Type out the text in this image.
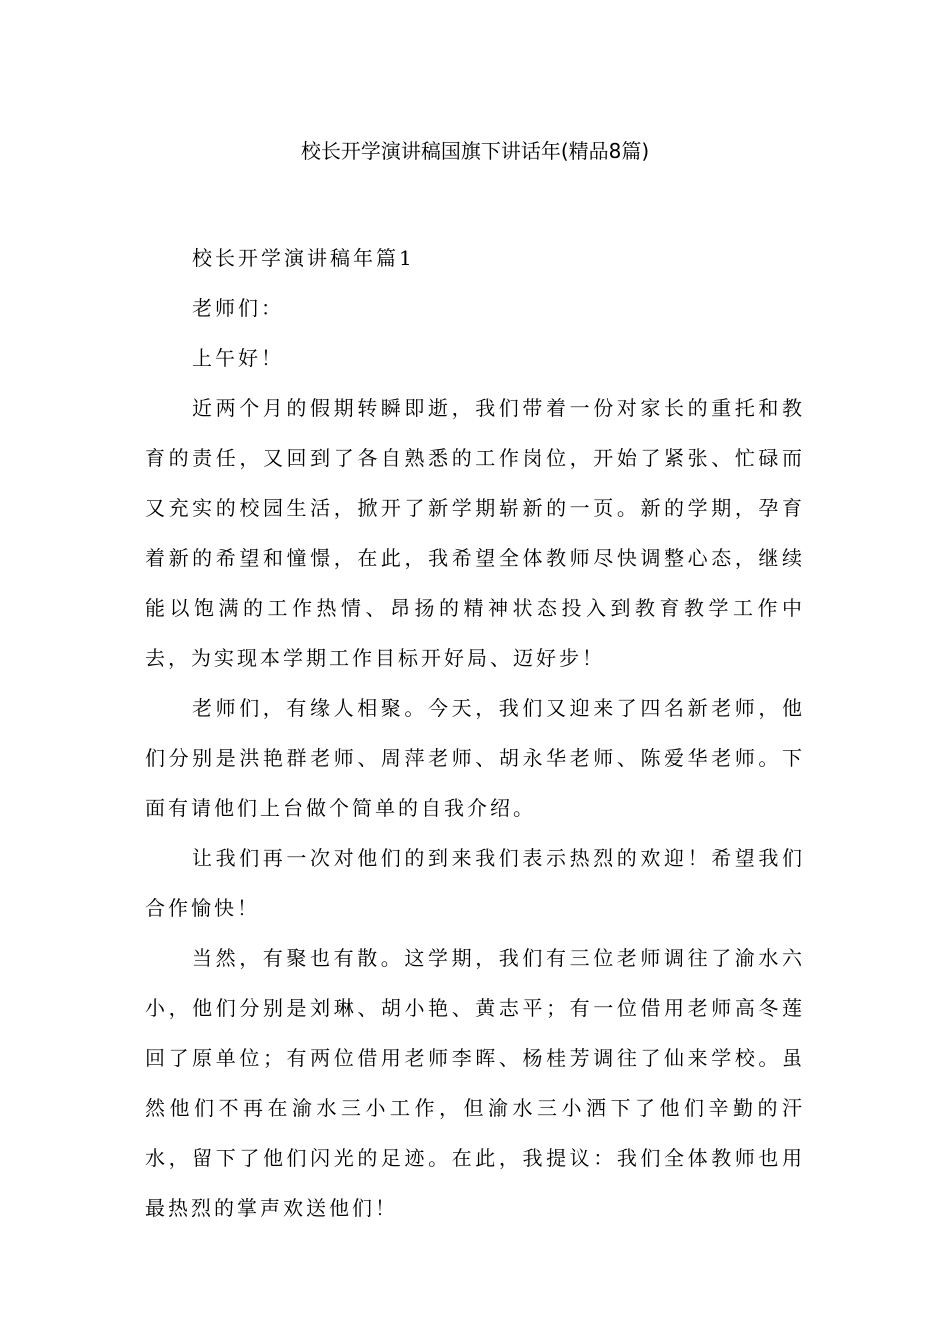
校长开学演讲稿国旗下讲话年(精品8篇)

校长开学演讲稿年篇1

老师们：

上午好！

近两个月的假期转瞬即逝，我们带着一份对家长的重托和教育的责任，又回到了各自熟悉的工作岗位，开始了紧张、忙碌而又充实的校园生活，掀开了新学期崭新的一页。新的学期，孕育着新的希望和憧憬，在此，我希望全体教师尽快调整心态，继续能以饱满的工作热情、昂扬的精神状态投入到教育教学工作中去，为实现本学期工作目标开好局、迈好步！

老师们，有缘人相聚。今天，我们又迎来了四名新老师，他们分别是洪艳群老师、周萍老师、胡永华老师、陈爱华老师。下面有请他们上台做个简单的自我介绍。

让我们再一次对他们的到来我们表示热烈的欢迎！希望我们合作愉快！

当然，有聚也有散。这学期，我们有三位老师调往了渝水六小，他们分别是刘琳、胡小艳、黄志平；有一位借用老师高冬莲回了原单位；有两位借用老师李晖、杨桂芳调往了仙来学校。虽然他们不再在渝水三小工作，但渝水三小洒下了他们辛勤的汗水，留下了他们闪光的足迹。在此，我提议：我们全体教师也用最热烈的掌声欢送他们！
